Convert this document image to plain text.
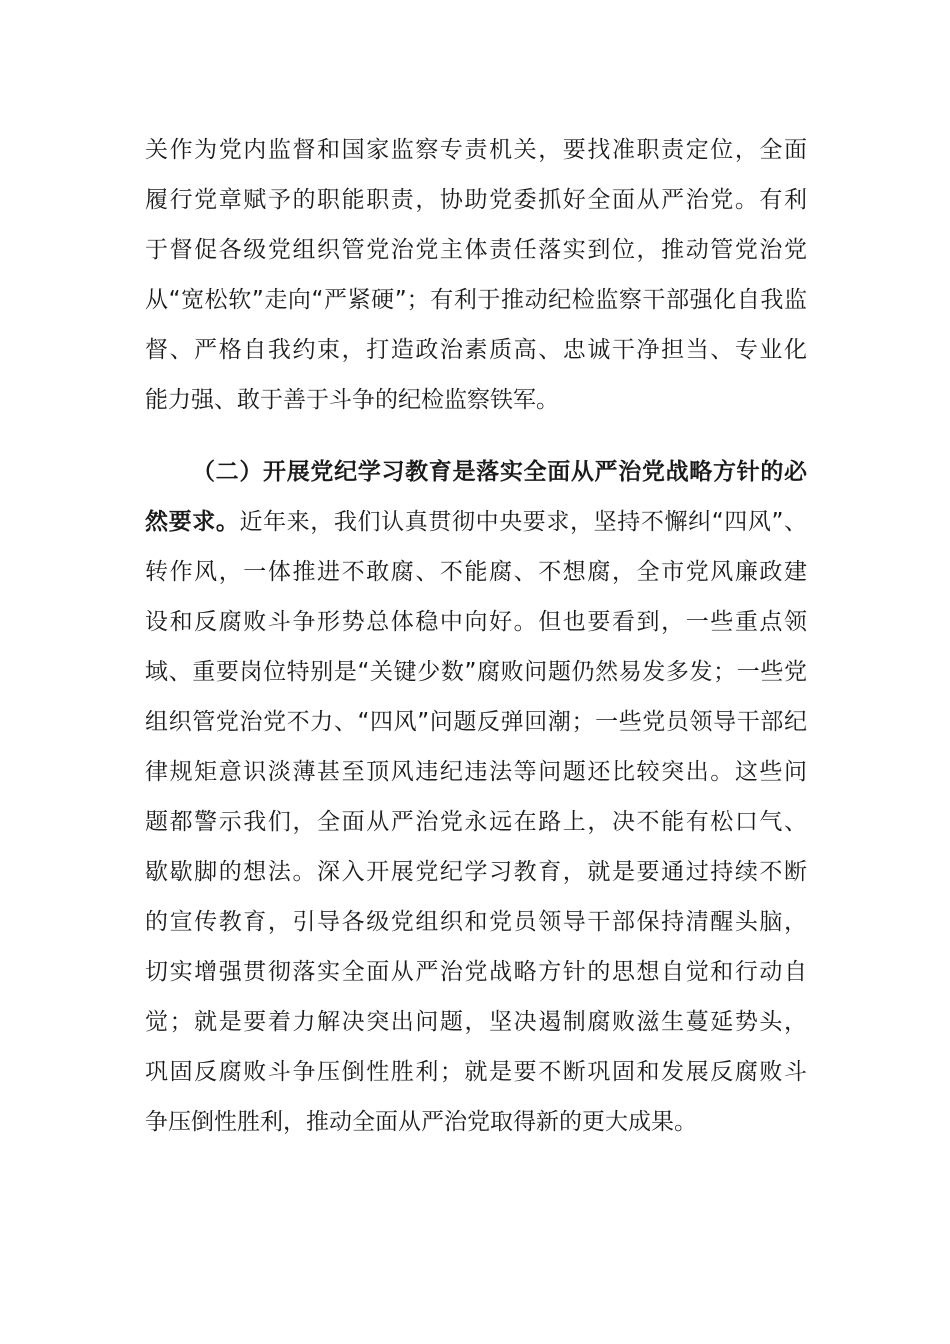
关作为党内监督和国家监察专责机关，要找准职责定位，全面
履行党章赋予的职能职责，协助党委抓好全面从严治党。有利
于督促各级党组织管党治党主体责任落实到位，推动管党治党
从“宽松软”走向“严紧硬”；有利于推动纪检监察干部强化自我监
督、严格自我约束，打造政治素质高、忠诚干净担当、专业化
能力强、敢于善于斗争的纪检监察铁军。
（二）开展党纪学习教育是落实全面从严治党战略方针的必
然要求。近年来，我们认真贯彻中央要求，坚持不懈纠“四风”、
转作风，一体推进不敢腐、不能腐、不想腐，全市党风廉政建
设和反腐败斗争形势总体稳中向好。但也要看到，一些重点领
域、重要岗位特别是“关键少数”腐败问题仍然易发多发；一些党
组织管党治党不力、“四风”问题反弹回潮；一些党员领导干部纪
律规矩意识淡薄甚至顶风违纪违法等问题还比较突出。这些问
题都警示我们，全面从严治党永远在路上，决不能有松口气、
歇歇脚的想法。深入开展党纪学习教育，就是要通过持续不断
的宣传教育，引导各级党组织和党员领导干部保持清醒头脑，
切实增强贯彻落实全面从严治党战略方针的思想自觉和行动自
觉；就是要着力解决突出问题，坚决遏制腐败滋生蔓延势头，
巩固反腐败斗争压倒性胜利；就是要不断巩固和发展反腐败斗
争压倒性胜利，推动全面从严治党取得新的更大成果。
